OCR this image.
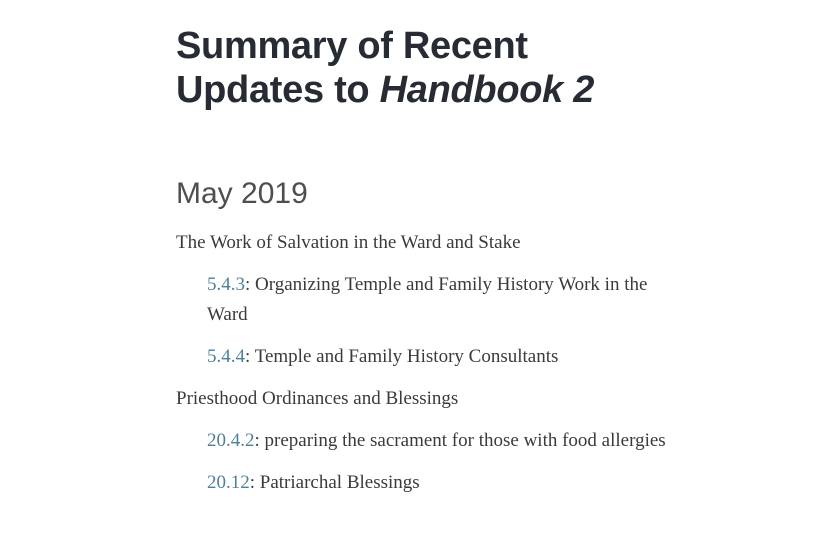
Summary of Recent
Updates to Handbook 2
May 2019

The Work of Salvation in the Ward and Stake

5.4.3: Organizing Temple and Family History Work in the Ward

5.4.4: Temple and Family History Consultants

Priesthood Ordinances and Blessings

20.4.2: preparing the sacrament for those with food allergies

20.12: Patriarchal Blessings
